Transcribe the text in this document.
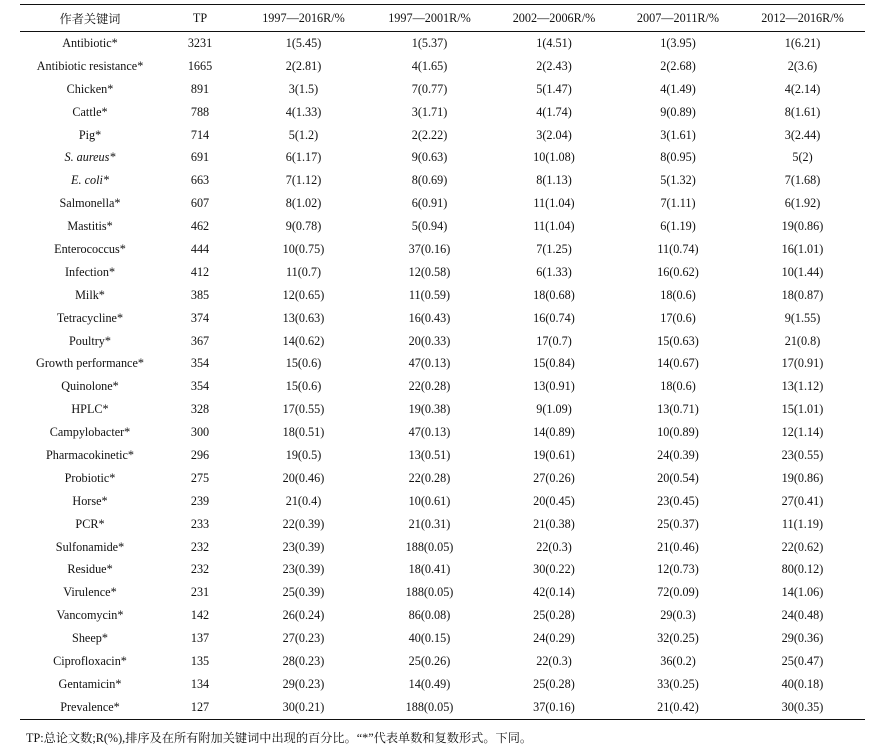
作者关键词	TP	1997—2016R/%	1997—2001R/%	2002—2006R/%	2007—2011R/%	2012—2016R/%
Antibiotic*	3231	1(5.45)	1(5.37)	1(4.51)	1(3.95)	1(6.21)
Antibiotic resistance*	1665	2(2.81)	4(1.65)	2(2.43)	2(2.68)	2(3.6)
Chicken*	891	3(1.5)	7(0.77)	5(1.47)	4(1.49)	4(2.14)
Cattle*	788	4(1.33)	3(1.71)	4(1.74)	9(0.89)	8(1.61)
Pig*	714	5(1.2)	2(2.22)	3(2.04)	3(1.61)	3(2.44)
S. aureus*	691	6(1.17)	9(0.63)	10(1.08)	8(0.95)	5(2)
E. coli*	663	7(1.12)	8(0.69)	8(1.13)	5(1.32)	7(1.68)
Salmonella*	607	8(1.02)	6(0.91)	11(1.04)	7(1.11)	6(1.92)
Mastitis*	462	9(0.78)	5(0.94)	11(1.04)	6(1.19)	19(0.86)
Enterococcus*	444	10(0.75)	37(0.16)	7(1.25)	11(0.74)	16(1.01)
Infection*	412	11(0.7)	12(0.58)	6(1.33)	16(0.62)	10(1.44)
Milk*	385	12(0.65)	11(0.59)	18(0.68)	18(0.6)	18(0.87)
Tetracycline*	374	13(0.63)	16(0.43)	16(0.74)	17(0.6)	9(1.55)
Poultry*	367	14(0.62)	20(0.33)	17(0.7)	15(0.63)	21(0.8)
Growth performance*	354	15(0.6)	47(0.13)	15(0.84)	14(0.67)	17(0.91)
Quinolone*	354	15(0.6)	22(0.28)	13(0.91)	18(0.6)	13(1.12)
HPLC*	328	17(0.55)	19(0.38)	9(1.09)	13(0.71)	15(1.01)
Campylobacter*	300	18(0.51)	47(0.13)	14(0.89)	10(0.89)	12(1.14)
Pharmacokinetic*	296	19(0.5)	13(0.51)	19(0.61)	24(0.39)	23(0.55)
Probiotic*	275	20(0.46)	22(0.28)	27(0.26)	20(0.54)	19(0.86)
Horse*	239	21(0.4)	10(0.61)	20(0.45)	23(0.45)	27(0.41)
PCR*	233	22(0.39)	21(0.31)	21(0.38)	25(0.37)	11(1.19)
Sulfonamide*	232	23(0.39)	188(0.05)	22(0.3)	21(0.46)	22(0.62)
Residue*	232	23(0.39)	18(0.41)	30(0.22)	12(0.73)	80(0.12)
Virulence*	231	25(0.39)	188(0.05)	42(0.14)	72(0.09)	14(1.06)
Vancomycin*	142	26(0.24)	86(0.08)	25(0.28)	29(0.3)	24(0.48)
Sheep*	137	27(0.23)	40(0.15)	24(0.29)	32(0.25)	29(0.36)
Ciprofloxacin*	135	28(0.23)	25(0.26)	22(0.3)	36(0.2)	25(0.47)
Gentamicin*	134	29(0.23)	14(0.49)	25(0.28)	33(0.25)	40(0.18)
Prevalence*	127	30(0.21)	188(0.05)	37(0.16)	21(0.42)	30(0.35)
TP:总论文数;R(%),排序及在所有附加关键词中出现的百分比。“*”代表单数和复数形式。下同。
